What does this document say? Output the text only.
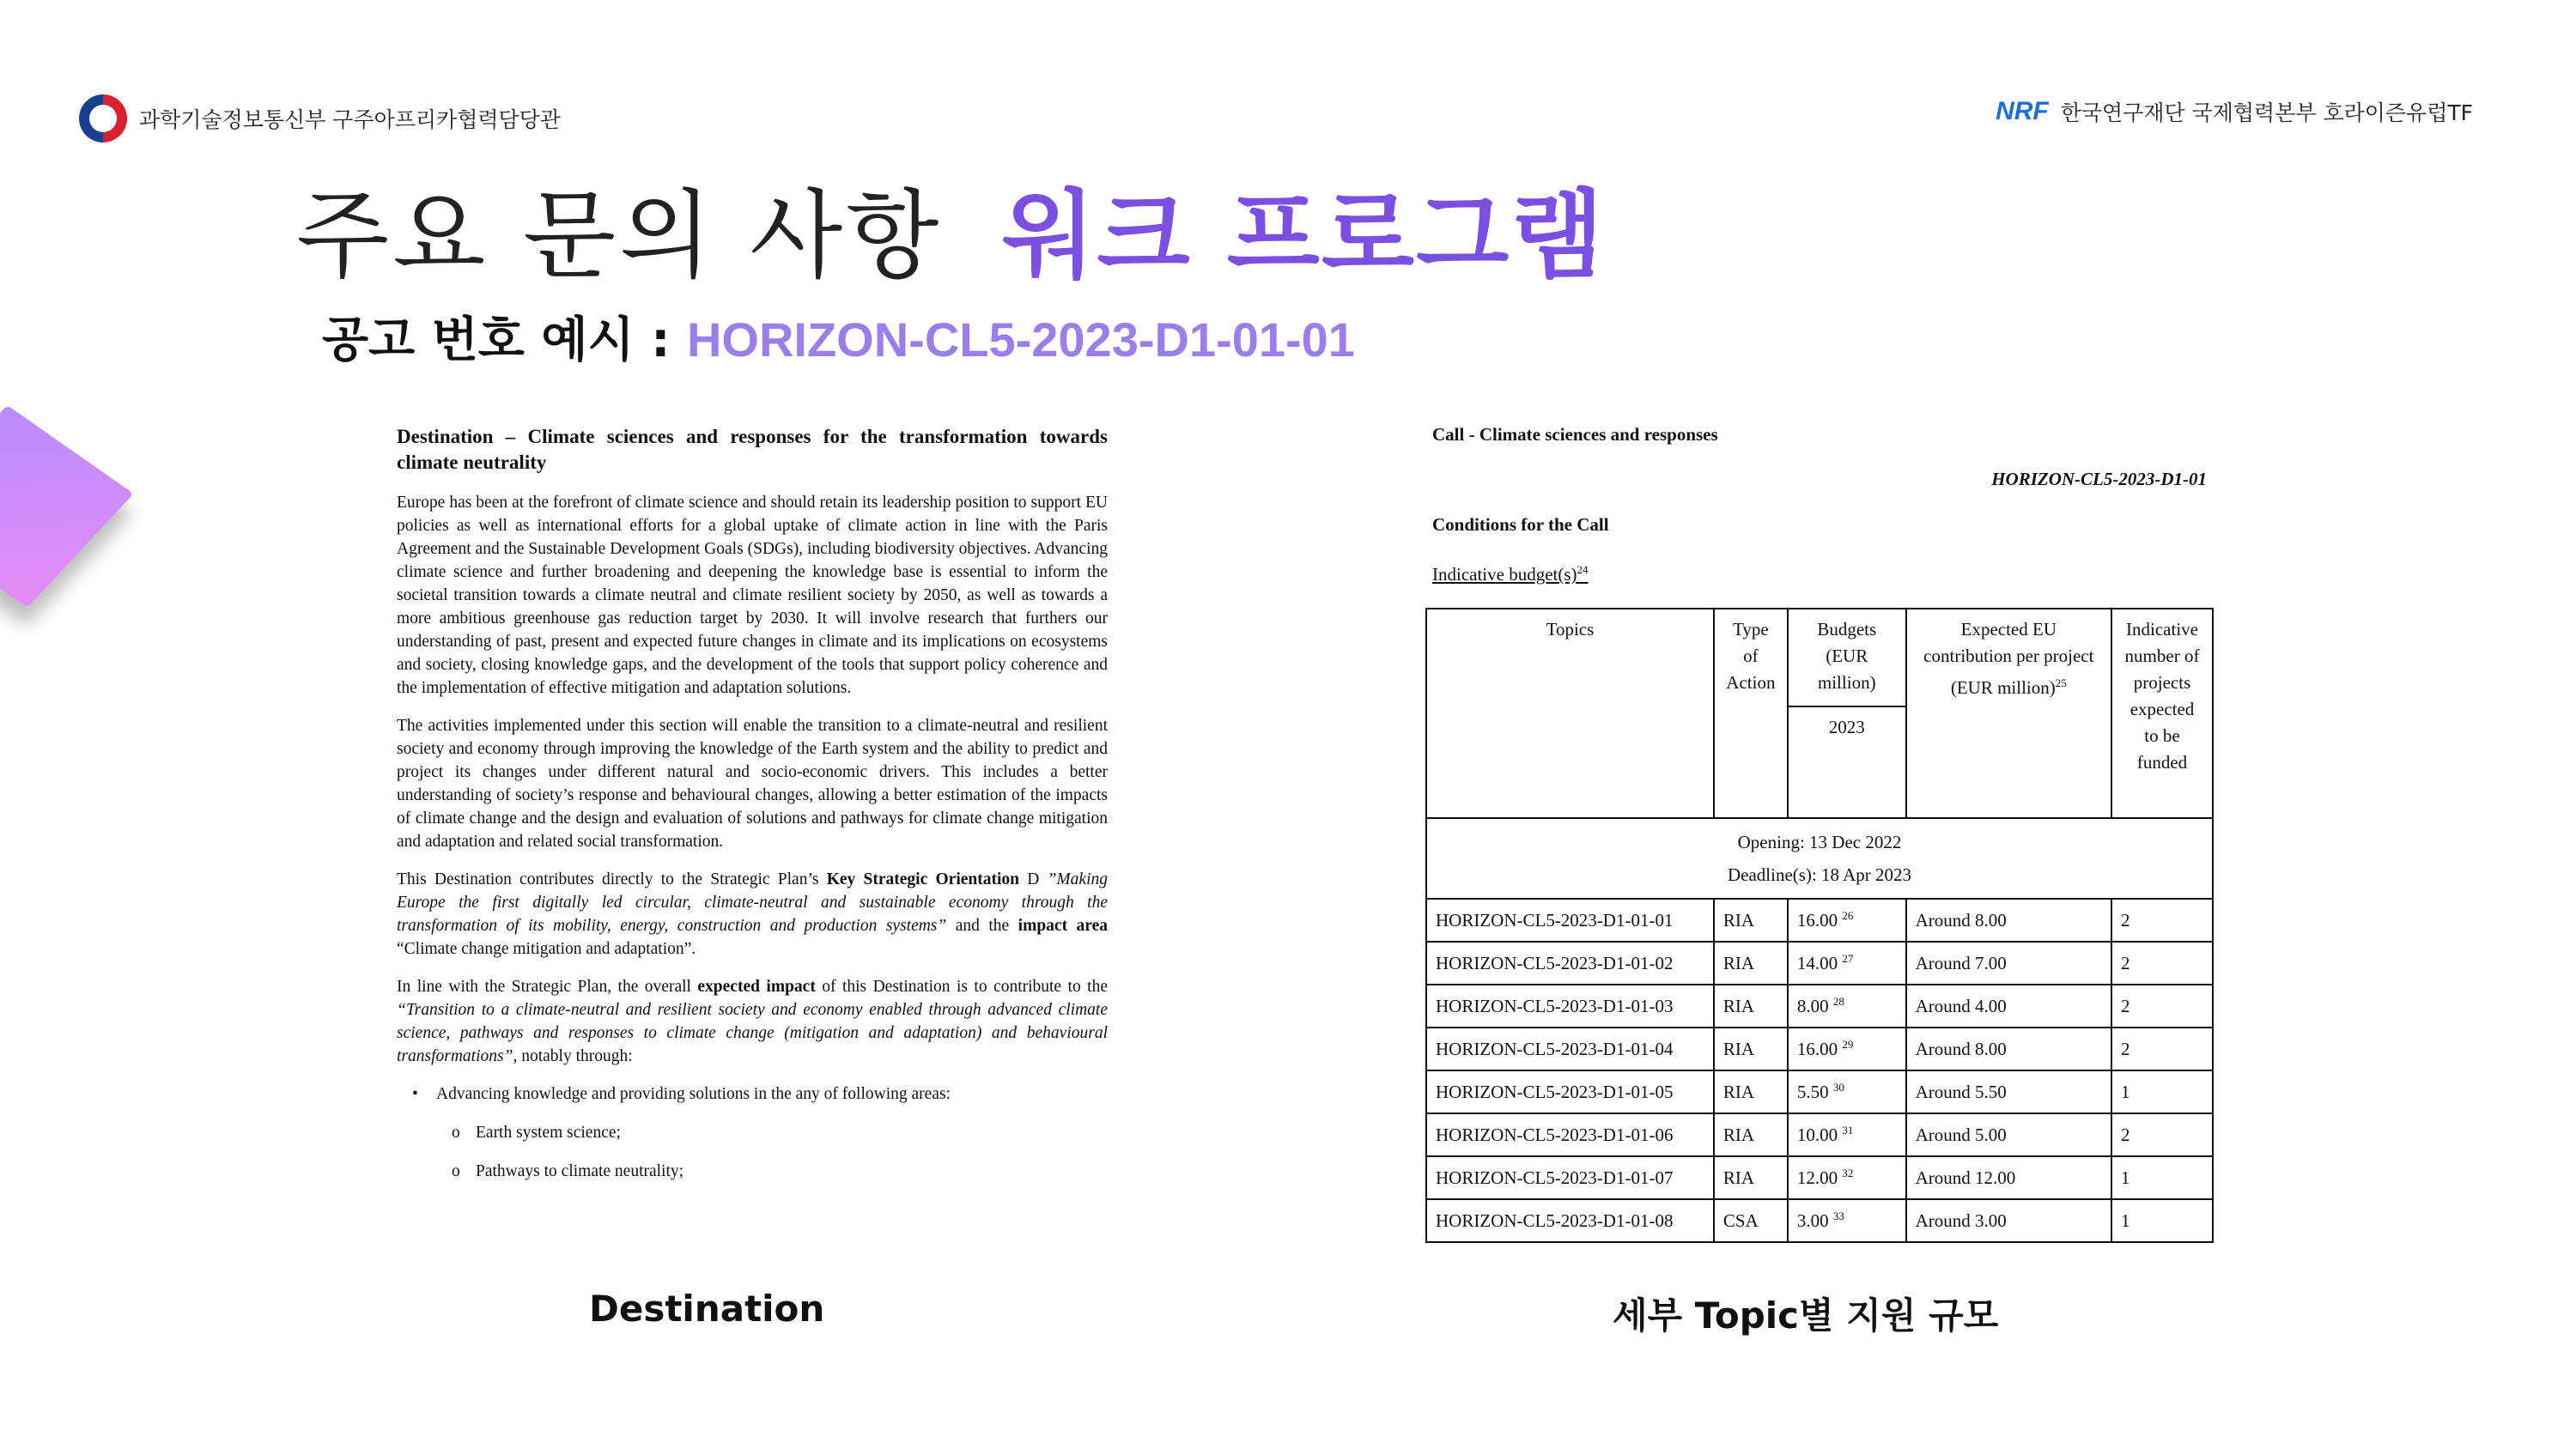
과학기술정보통신부 구주아프리카협력담당관	NRF 한국연구재단 국제협력본부 호라이즌유럽TF
주요 문의 사항 워크 프로그램
공고 번호 예시 : HORIZON-CL5-2023-D1-01-01
Destination – Climate sciences and responses for the transformation towards climate neutrality

Europe has been at the forefront of climate science and should retain its leadership position to support EU policies as well as international efforts for a global uptake of climate action in line with the Paris Agreement and the Sustainable Development Goals (SDGs), including biodiversity objectives. Advancing climate science and further broadening and deepening the knowledge base is essential to inform the societal transition towards a climate neutral and climate resilient society by 2050, as well as towards a more ambitious greenhouse gas reduction target by 2030. It will involve research that furthers our understanding of past, present and expected future changes in climate and its implications on ecosystems and society, closing knowledge gaps, and the development of the tools that support policy coherence and the implementation of effective mitigation and adaptation solutions.

The activities implemented under this section will enable the transition to a climate-neutral and resilient society and economy through improving the knowledge of the Earth system and the ability to predict and project its changes under different natural and socio-economic drivers. This includes a better understanding of society’s response and behavioural changes, allowing a better estimation of the impacts of climate change and the design and evaluation of solutions and pathways for climate change mitigation and adaptation and related social transformation.

This Destination contributes directly to the Strategic Plan’s Key Strategic Orientation D ”Making Europe the first digitally led circular, climate-neutral and sustainable economy through the transformation of its mobility, energy, construction and production systems” and the impact area “Climate change mitigation and adaptation”.

In line with the Strategic Plan, the overall expected impact of this Destination is to contribute to the “Transition to a climate-neutral and resilient society and economy enabled through advanced climate science, pathways and responses to climate change (mitigation and adaptation) and behavioural transformations”, notably through:

• Advancing knowledge and providing solutions in the any of following areas:
o Earth system science;
o Pathways to climate neutrality;
Call - Climate sciences and responses
HORIZON-CL5-2023-D1-01
Conditions for the Call
Indicative $budget(s)^{24}$
Topics	Type of Action	Budgets (EUR million)	Expected EU contribution per project (EUR million)$^{25}$	Indicative number of projects expected to be funded
		2023		

Opening: 13 Dec 2022
Deadline(s): 18 Apr 2023				

HORIZON-CL5-2023-D1-01-01	RIA	16.00 $^{26}$	Around 8.00	2
HORIZON-CL5-2023-D1-01-02	RIA	14.00 $^{27}$	Around 7.00	2
HORIZON-CL5-2023-D1-01-03	RIA	8.00 $^{28}$	Around 4.00	2
HORIZON-CL5-2023-D1-01-04	RIA	16.00 $^{29}$	Around 8.00	2
HORIZON-CL5-2023-D1-01-05	RIA	5.50 $^{30}$	Around 5.50	1
HORIZON-CL5-2023-D1-01-06	RIA	10.00 $^{31}$	Around 5.00	2
HORIZON-CL5-2023-D1-01-07	RIA	12.00 $^{32}$	Around 12.00	1
HORIZON-CL5-2023-D1-01-08	CSA	3.00 $^{33}$	Around 3.00	1
Destination	세부 Topic별 지원 규모
